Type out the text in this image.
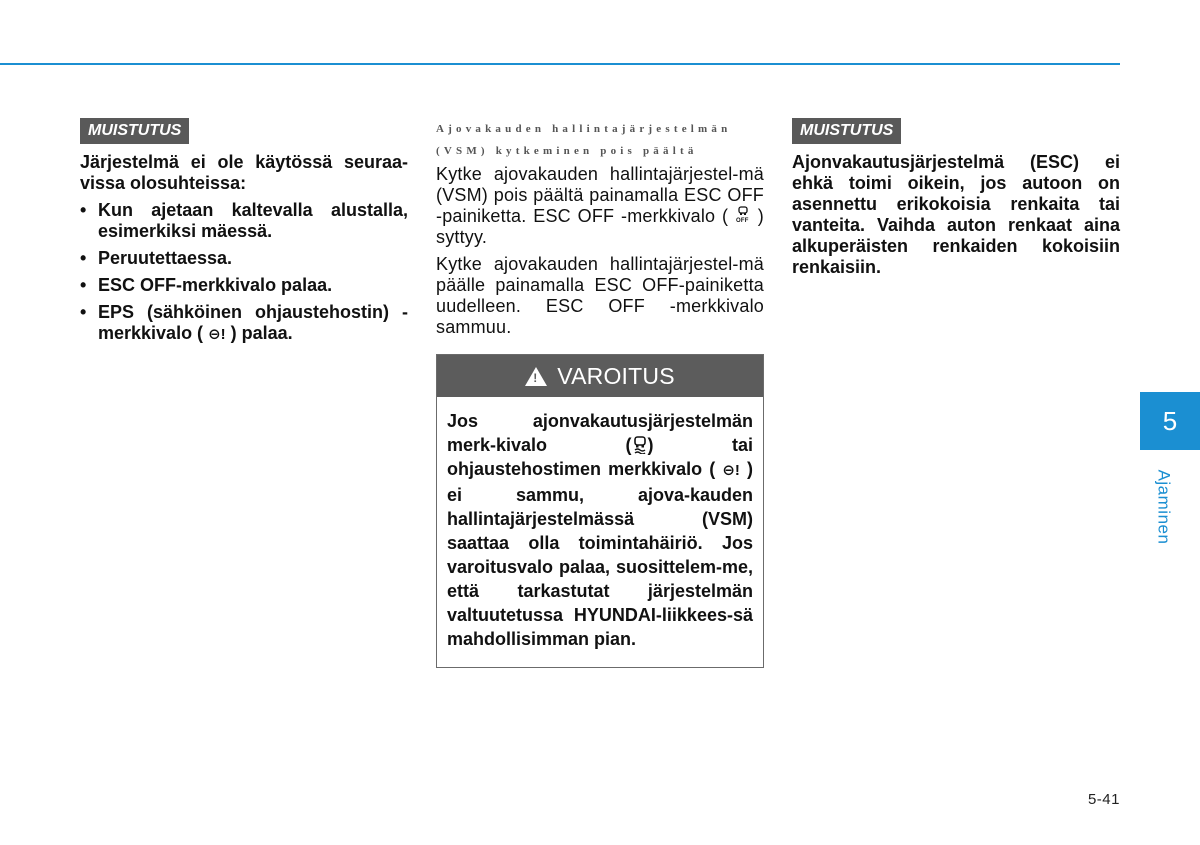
MUISTUTUS

Järjestelmä ei ole käytössä seuraa-vissa olosuhteissa:

• Kun ajetaan kaltevalla alustalla, esimerkiksi mäessä.
• Peruutettaessa.
• ESC OFF-merkkivalo palaa.
• EPS (sähköinen ohjaustehostin) -merkkivalo ( ⊖! ) palaa.

Ajovakauden hallintajärjestelmän

(VSM) kytkeminen pois päältä

Kytke ajovakauden hallintajärjestel-mä (VSM) pois päältä painamalla ESC OFF -painiketta. ESC OFF -merkkivalo ( OFF ) syttyy.

Kytke ajovakauden hallintajärjestel-mä päälle painamalla ESC OFF-painiketta uudelleen. ESC OFF -merkkivalo sammuu.

! VAROITUS
Jos ajonvakautusjärjestelmän merk-kivalo ( ) tai ohjaustehostimen merkkivalo ( ⊖! ) ei sammu, ajova-kauden hallintajärjestelmässä (VSM) saattaa olla toimintahäiriö. Jos varoitusvalo palaa, suosittelem-me, että tarkastutat järjestelmän valtuutetussa HYUNDAI-liikkees-sä mahdollisimman pian.
MUISTUTUS

Ajonvakautusjärjestelmä (ESC) ei ehkä toimi oikein, jos autoon on asennettu erikokoisia renkaita tai vanteita. Vaihda auton renkaat aina alkuperäisten renkaiden kokoisiin renkaisiin.

5
Ajaminen
5-41
